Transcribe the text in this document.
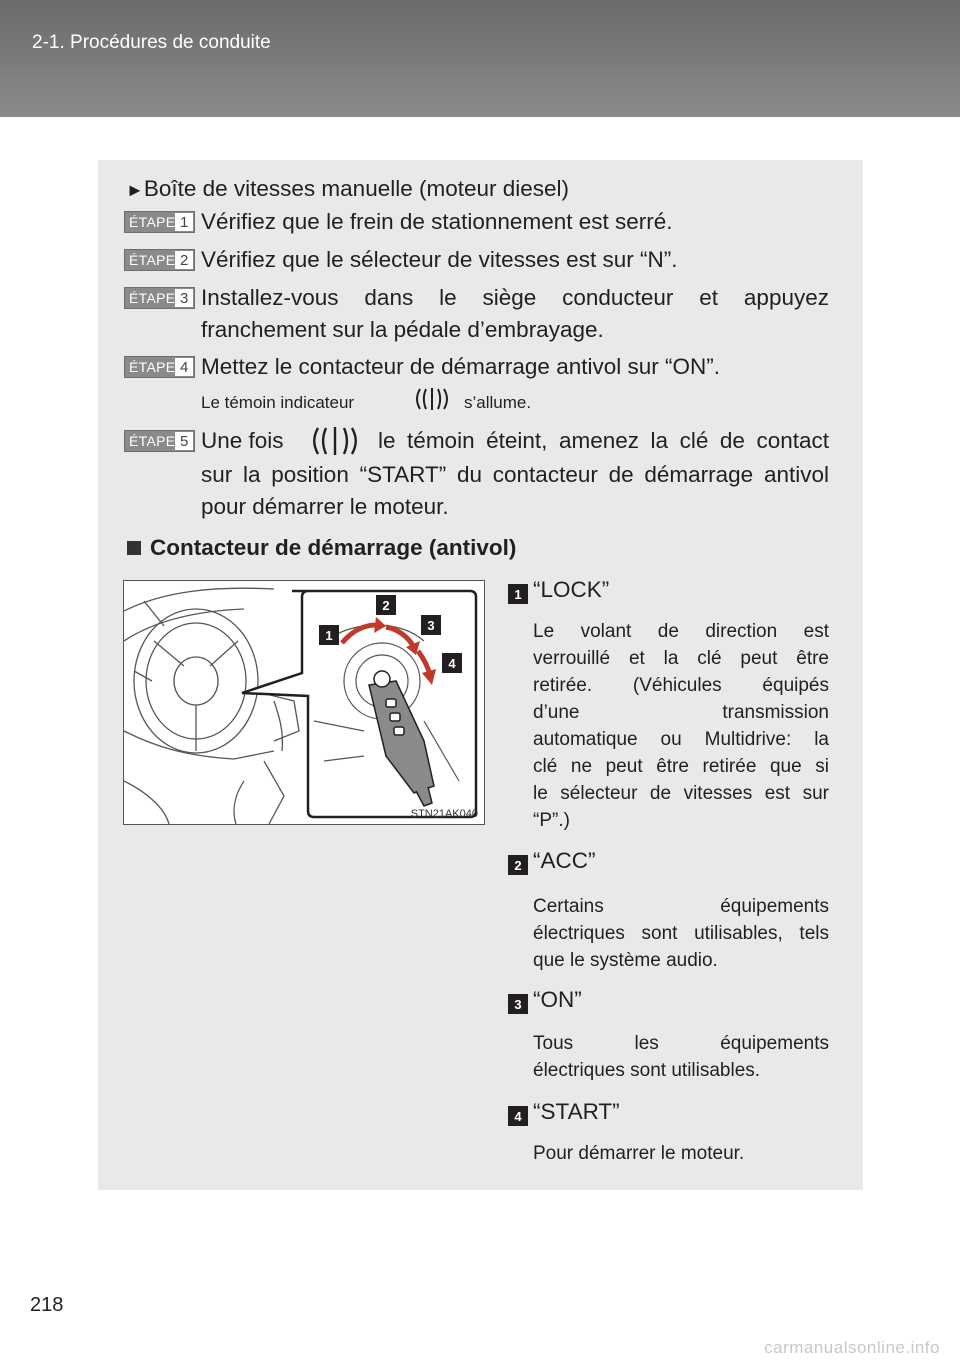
2-1. Procédures de conduite
►Boîte de vitesses manuelle (moteur diesel)
ÉTAPE 1 Vérifiez que le frein de stationnement est serré.
ÉTAPE 2 Vérifiez que le sélecteur de vitesses est sur “N”.
ÉTAPE 3 Installez-vous dans le siège conducteur et appuyez
franchement sur la pédale d’embrayage.
ÉTAPE 4 Mettez le contacteur de démarrage antivol sur “ON”.
Le témoin indicateur	s’allume.
ÉTAPE 5 Une fois	le témoin éteint, amenez la clé de contact
sur la position “START” du contacteur de démarrage antivol
pour démarrer le moteur.
Contacteur de démarrage (antivol)
1
2
3
4
STN21AK040
1 “LOCK”
Le volant de direction est
verrouillé et la clé peut être
retirée. (Véhicules équipés
d’une transmission
automatique ou Multidrive: la
clé ne peut être retirée que si
le sélecteur de vitesses est sur
“P”.)
2 “ACC”
Certains équipements
électriques sont utilisables, tels
que le système audio.
3 “ON”
Tous les équipements
électriques sont utilisables.
4 “START”
Pour démarrer le moteur.
218
carmanualsonline.info
